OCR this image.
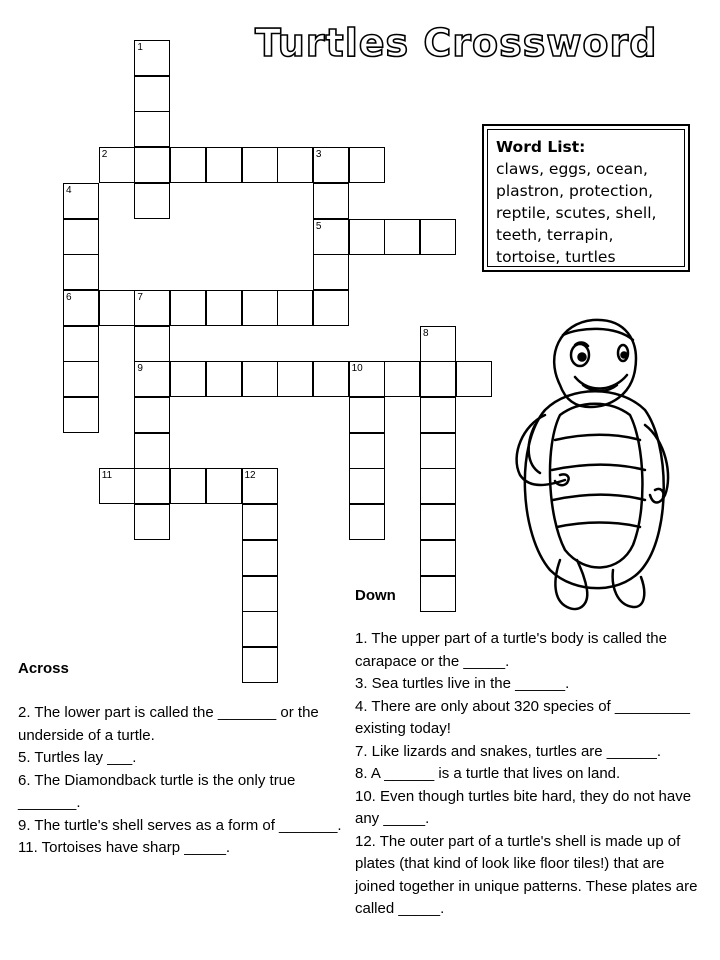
Turtles Crossword
1
2	3
5
4
6	7
9
8
10
11	12
Word List:
claws, eggs, ocean,
plastron, protection,
reptile, scutes, shell,
teeth, terrapin,
tortoise, turtles
Across
2. The lower part is called the _______ or the underside of a turtle.
5. Turtles lay ___.
6. The Diamondback turtle is the only true _______.
9. The turtle's shell serves as a form of _______.
11. Tortoises have sharp _____.
Down
1. The upper part of a turtle's body is called the carapace or the _____.
3. Sea turtles live in the ______.
4. There are only about 320 species of _________ existing today!
7. Like lizards and snakes, turtles are ______.
8. A ______ is a turtle that lives on land.
10. Even though turtles bite hard, they do not have any _____.
12. The outer part of a turtle's shell is made up of plates (that kind of look like floor tiles!) that are joined together in unique patterns. These plates are called _____.
